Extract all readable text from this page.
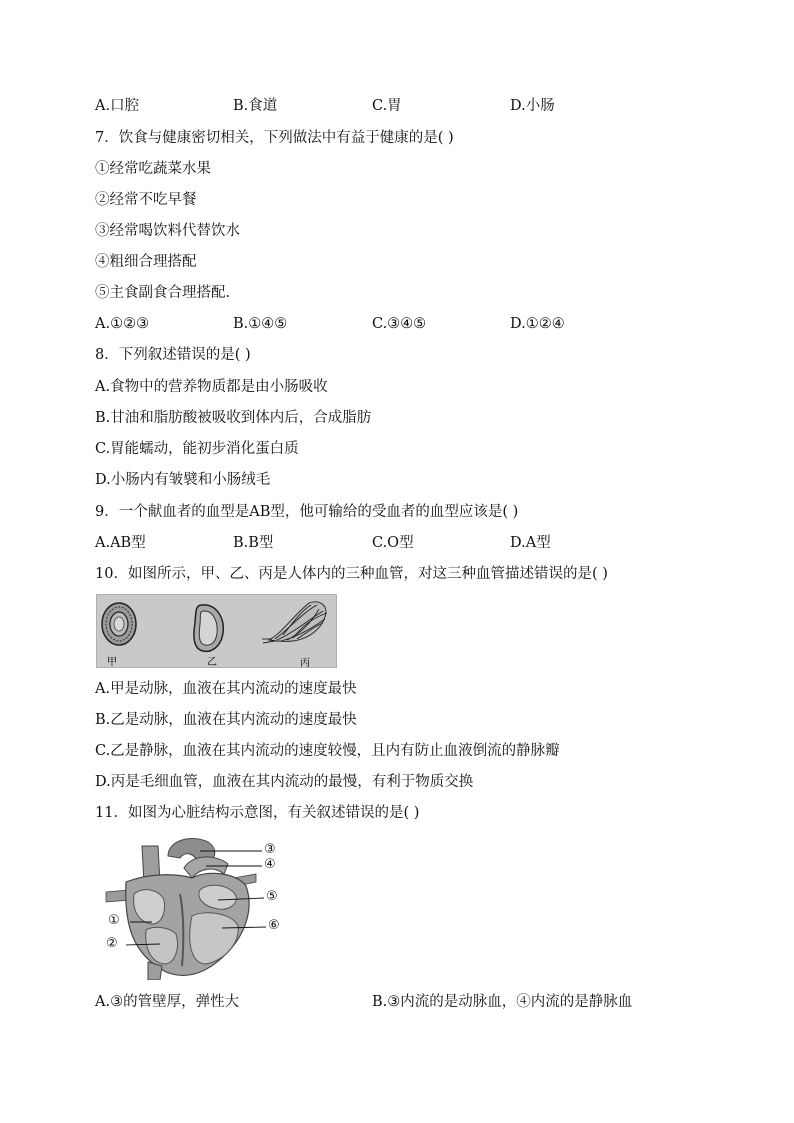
A.口腔	B.食道	C.胃	D.小肠
7．饮食与健康密切相关，下列做法中有益于健康的是( )
①经常吃蔬菜水果
②经常不吃早餐
③经常喝饮料代替饮水
④粗细合理搭配
⑤主食副食合理搭配.
A.①②③	B.①④⑤	C.③④⑤	D.①②④
8．下列叙述错误的是( )
A.食物中的营养物质都是由小肠吸收
B.甘油和脂肪酸被吸收到体内后，合成脂肪
C.胃能蠕动，能初步消化蛋白质
D.小肠内有皱襞和小肠绒毛
9．一个献血者的血型是AB型，他可输给的受血者的血型应该是( )
A.AB型	B.B型	C.O型	D.A型
10．如图所示，甲、乙、丙是人体内的三种血管，对这三种血管描述错误的是( )
甲	乙	丙
A.甲是动脉，血液在其内流动的速度最快
B.乙是动脉，血液在其内流动的速度最快
C.乙是静脉，血液在其内流动的速度较慢，且内有防止血液倒流的静脉瓣
D.丙是毛细血管，血液在其内流动的最慢，有利于物质交换
11．如图为心脏结构示意图，有关叙述错误的是( )
③
④
⑤
①	⑥
②
A.③的管壁厚，弹性大	B.③内流的是动脉血，④内流的是静脉血
